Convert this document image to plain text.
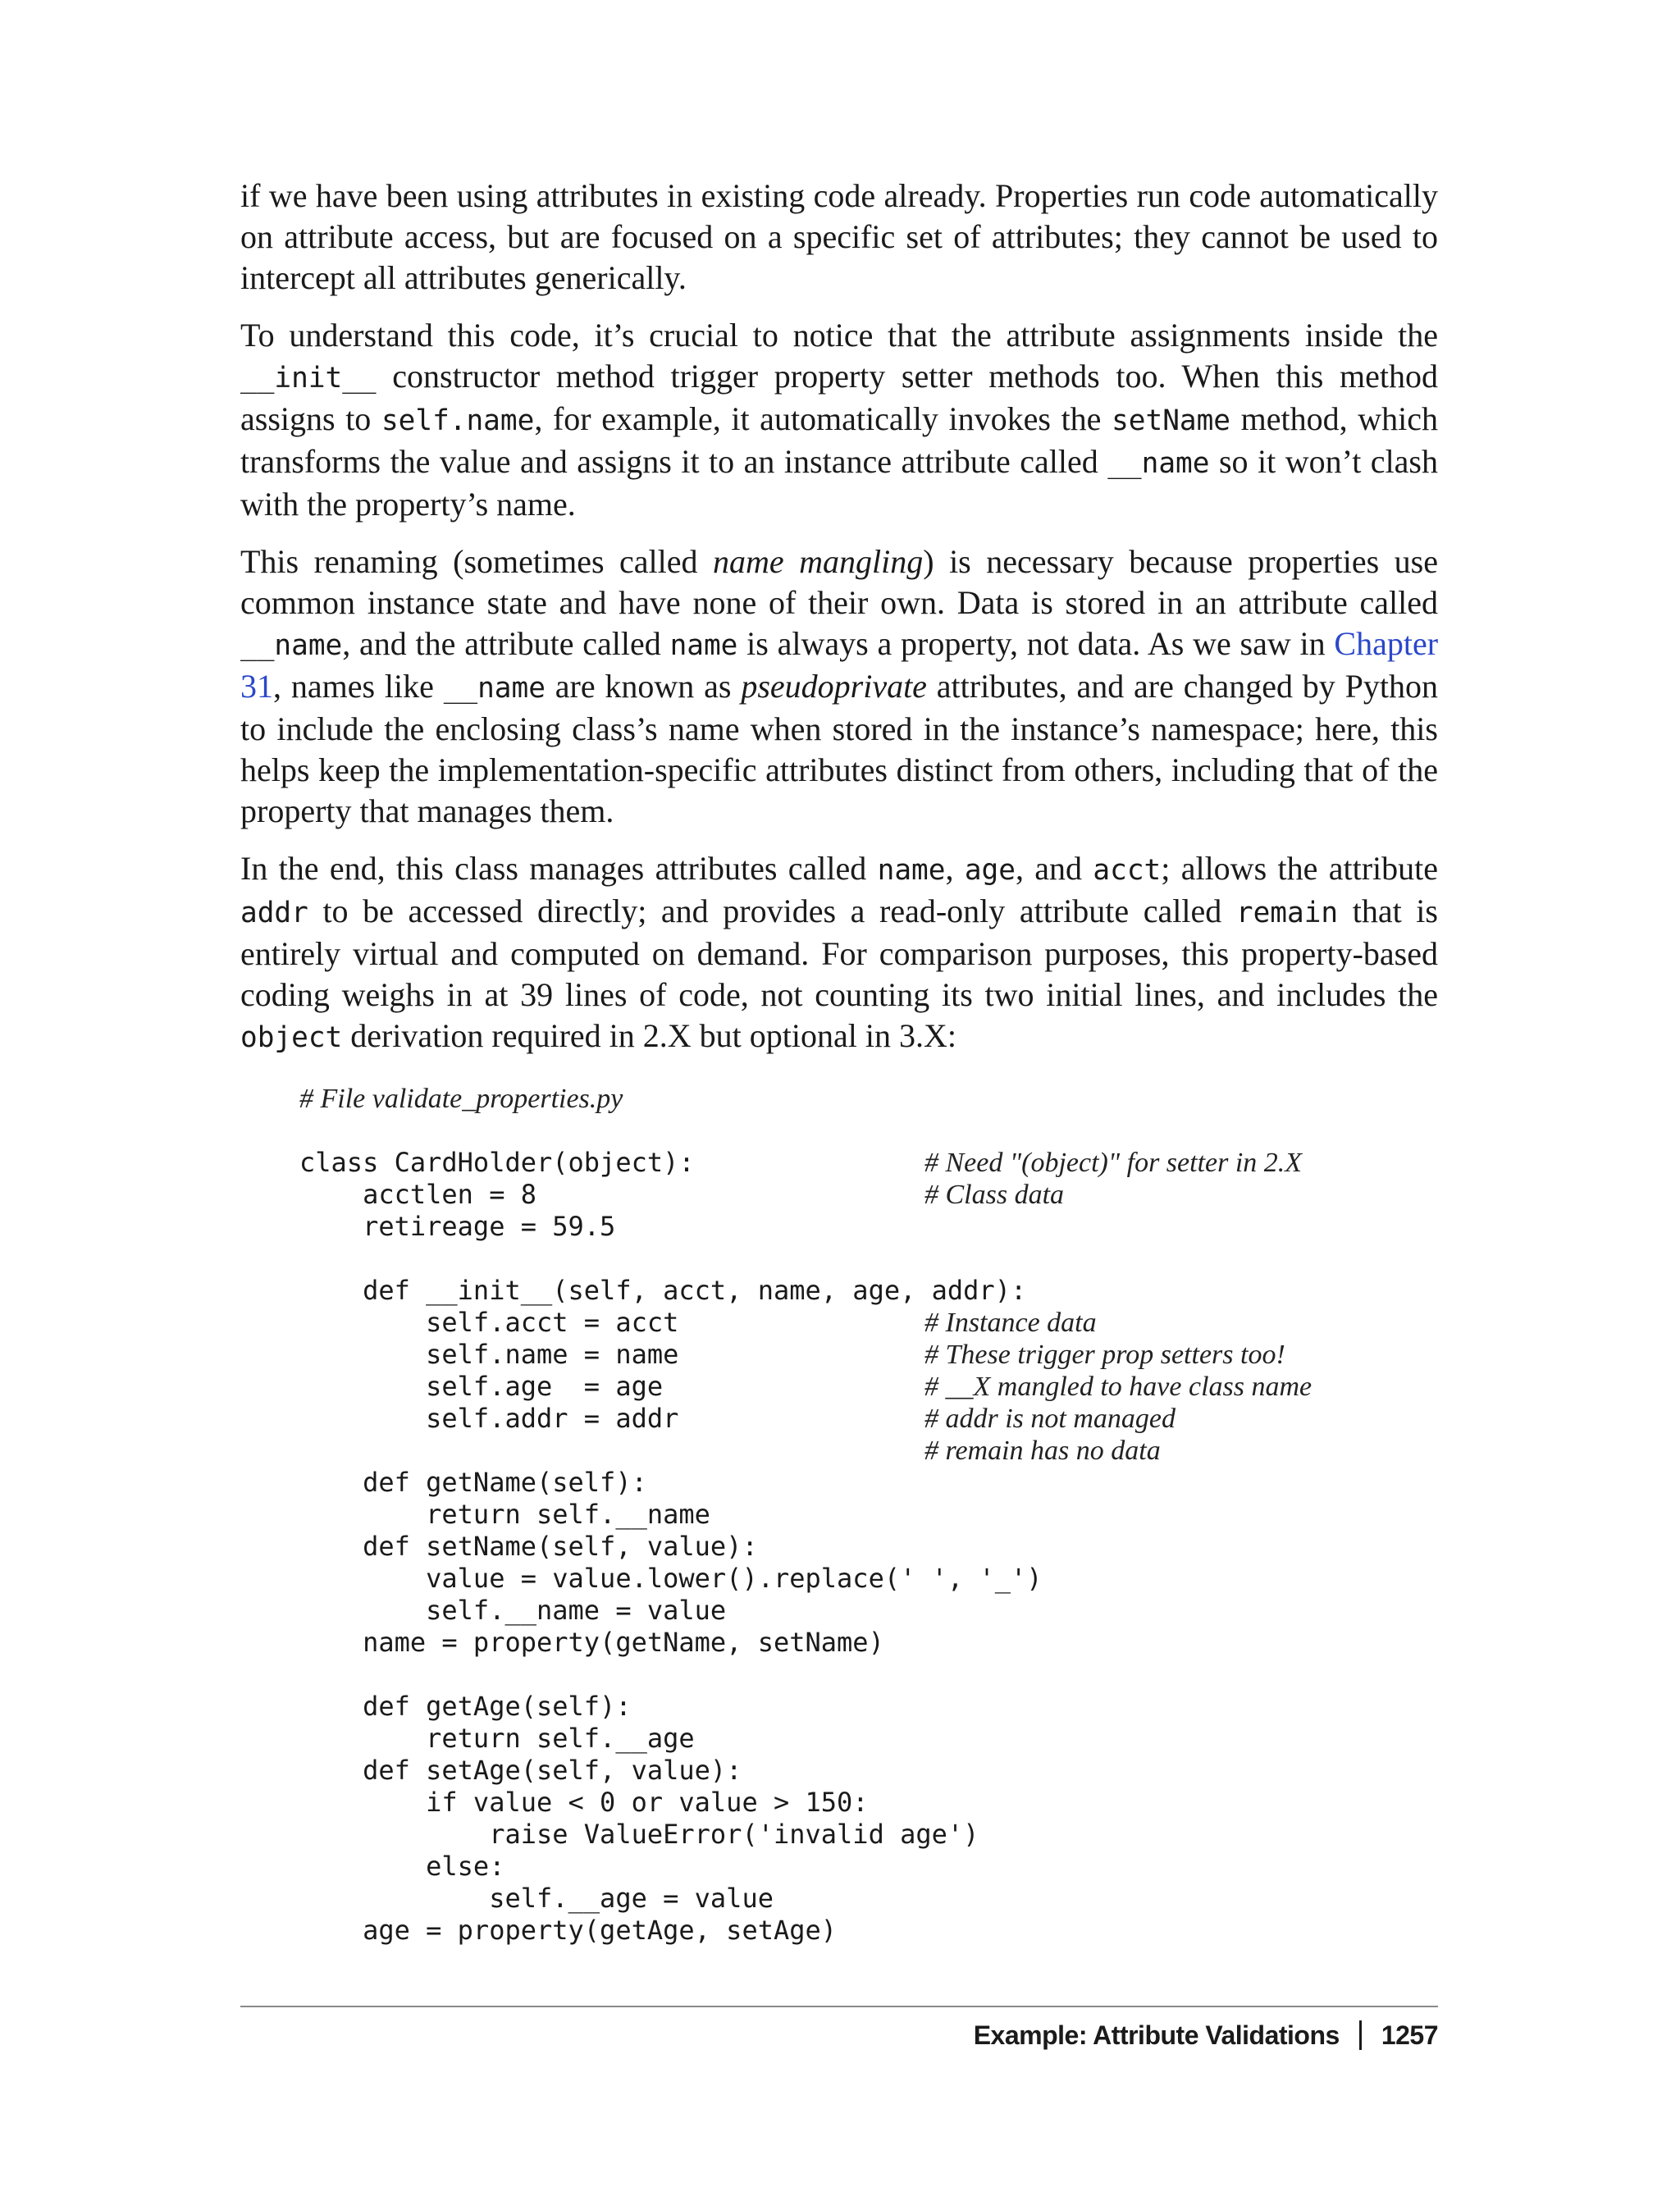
if we have been using attributes in existing code already. Properties run code automatically on attribute access, but are focused on a specific set of attributes; they cannot be used to intercept all attributes generically.

To understand this code, it’s crucial to notice that the attribute assignments inside the __init__ constructor method trigger property setter methods too. When this method assigns to self.name, for example, it automatically invokes the setName method, which transforms the value and assigns it to an instance attribute called __name so it won’t clash with the property’s name.

This renaming (sometimes called name mangling) is necessary because properties use common instance state and have none of their own. Data is stored in an attribute called __name, and the attribute called name is always a property, not data. As we saw in Chapter 31, names like __name are known as pseudoprivate attributes, and are changed by Python to include the enclosing class’s name when stored in the instance’s namespace; here, this helps keep the implementation-specific attributes distinct from others, including that of the property that manages them.

In the end, this class manages attributes called name, age, and acct; allows the attribute addr to be accessed directly; and provides a read-only attribute called remain that is entirely virtual and computed on demand. For comparison purposes, this property-based coding weighs in at 39 lines of code, not counting its two initial lines, and includes the object derivation required in 2.X but optional in 3.X:

# File validate_properties.py
class CardHolder(object):	# Need "(object)" for setter in 2.X
acctlen = 8	# Class data
retireage = 59.5
def __init__(self, acct, name, age, addr):
self.acct = acct	# Instance data
self.name = name	# These trigger prop setters too!
self.age  = age	# __X mangled to have class name
self.addr = addr	# addr is not managed
# remain has no data
def getName(self):
return self.__name
def setName(self, value):
value = value.lower().replace(' ', '_')
self.__name = value
name = property(getName, setName)
def getAge(self):
return self.__age
def setAge(self, value):
if value < 0 or value > 150:
raise ValueError('invalid age')
else:
self.__age = value
age = property(getAge, setAge)
Example: Attribute Validations 1257
